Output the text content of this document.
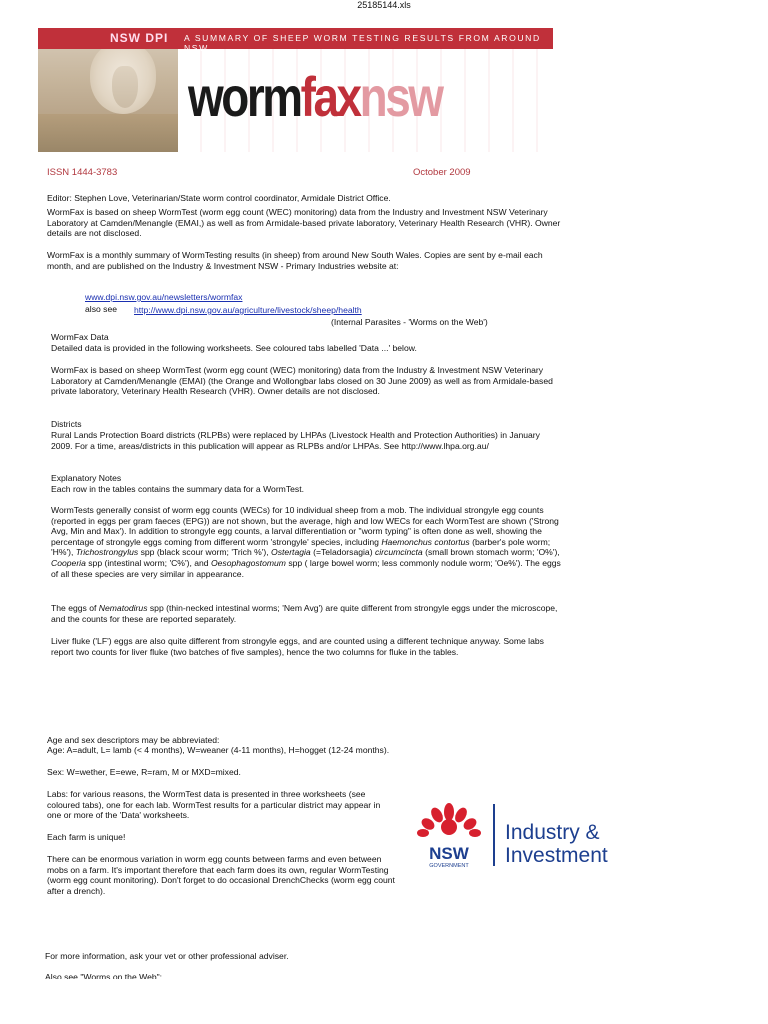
25185144.xls
NSW DPI A SUMMARY OF SHEEP WORM TESTING RESULTS FROM AROUND NSW
wormfaxnsw
ISSN 1444-3783	October 2009
Editor: Stephen Love, Veterinarian/State worm control coordinator, Armidale District Office.
WormFax is based on sheep WormTest (worm egg count (WEC) monitoring) data from the Industry and Investment NSW Veterinary Laboratory at Camden/Menangle (EMAI,) as well as from Armidale-based private laboratory, Veterinary Health Research (VHR). Owner details are not disclosed.
WormFax is a monthly summary of WormTesting results (in sheep) from around New South Wales. Copies are sent by e-mail each month, and are published on the Industry & Investment NSW - Primary Industries website at:
www.dpi.nsw.gov.au/newsletters/wormfax
also see http://www.dpi.nsw.gov.au/agriculture/livestock/sheep/health
(Internal Parasites - 'Worms on the Web')
WormFax Data
Detailed data is provided in the following worksheets. See coloured tabs labelled 'Data ...' below.
WormFax is based on sheep WormTest (worm egg count (WEC) monitoring) data from the Industry & Investment NSW Veterinary Laboratory at Camden/Menangle (EMAI) (the Orange and Wollongbar labs closed on 30 June 2009) as well as from Armidale-based private laboratory, Veterinary Health Research (VHR). Owner details are not disclosed.
Districts
Rural Lands Protection Board districts (RLPBs) were replaced by LHPAs (Livestock Health and Protection Authorities) in January 2009. For a time, areas/districts in this publication will appear as RLPBs and/or LHPAs. See http://www.lhpa.org.au/
Explanatory Notes
Each row in the tables contains the summary data for a WormTest.

WormTests generally consist of worm egg counts (WECs) for 10 individual sheep from a mob. The individual strongyle egg counts (reported in eggs per gram faeces (EPG)) are not shown, but the average, high and low WECs for each WormTest are shown ('Strong Avg, Min and Max'). In addition to strongyle egg counts, a larval differentiation or "worm typing" is often done as well, showing the percentage of strongyle eggs coming from different worm 'strongyle' species, including Haemonchus contortus (barber's pole worm; 'H%'), Trichostrongylus spp (black scour worm; 'Trich %'), Ostertagia (=Teladorsagia) circumcincta (small brown stomach worm; 'O%'), Cooperia spp (intestinal worm; 'C%'), and Oesophagostomum spp ( large bowel worm; less commonly nodule worm; 'Oe%'). The eggs of all these species are very similar in appearance.

The eggs of Nematodirus spp (thin-necked intestinal worms; 'Nem Avg') are quite different from strongyle eggs under the microscope, and the counts for these are reported separately.

Liver fluke ('LF') eggs are also quite different from strongyle eggs, and are counted using a different technique anyway. Some labs report two counts for liver fluke (two batches of five samples), hence the two columns for fluke in the tables.
Age and sex descriptors may be abbreviated:
Age: A=adult, L= lamb (< 4 months), W=weaner (4-11 months), H=hogget (12-24 months).
Sex: W=wether, E=ewe, R=ram, M or MXD=mixed.
Labs: for various reasons, the WormTest data is presented in three worksheets (see coloured tabs), one for each lab. WormTest results for a particular district may appear in one or more of the 'Data' worksheets.
Each farm is unique!
There can be enormous variation in worm egg counts between farms and even between mobs on a farm. It's important therefore that each farm does its own, regular WormTesting (worm egg count monitoring). Don't forget to do occasional DrenchChecks (worm egg count after a drench).
For more information, ask your vet or other professional adviser.
Also see "Worms on the Web":
NSW
GOVERNMENT
Industry &
Investment
